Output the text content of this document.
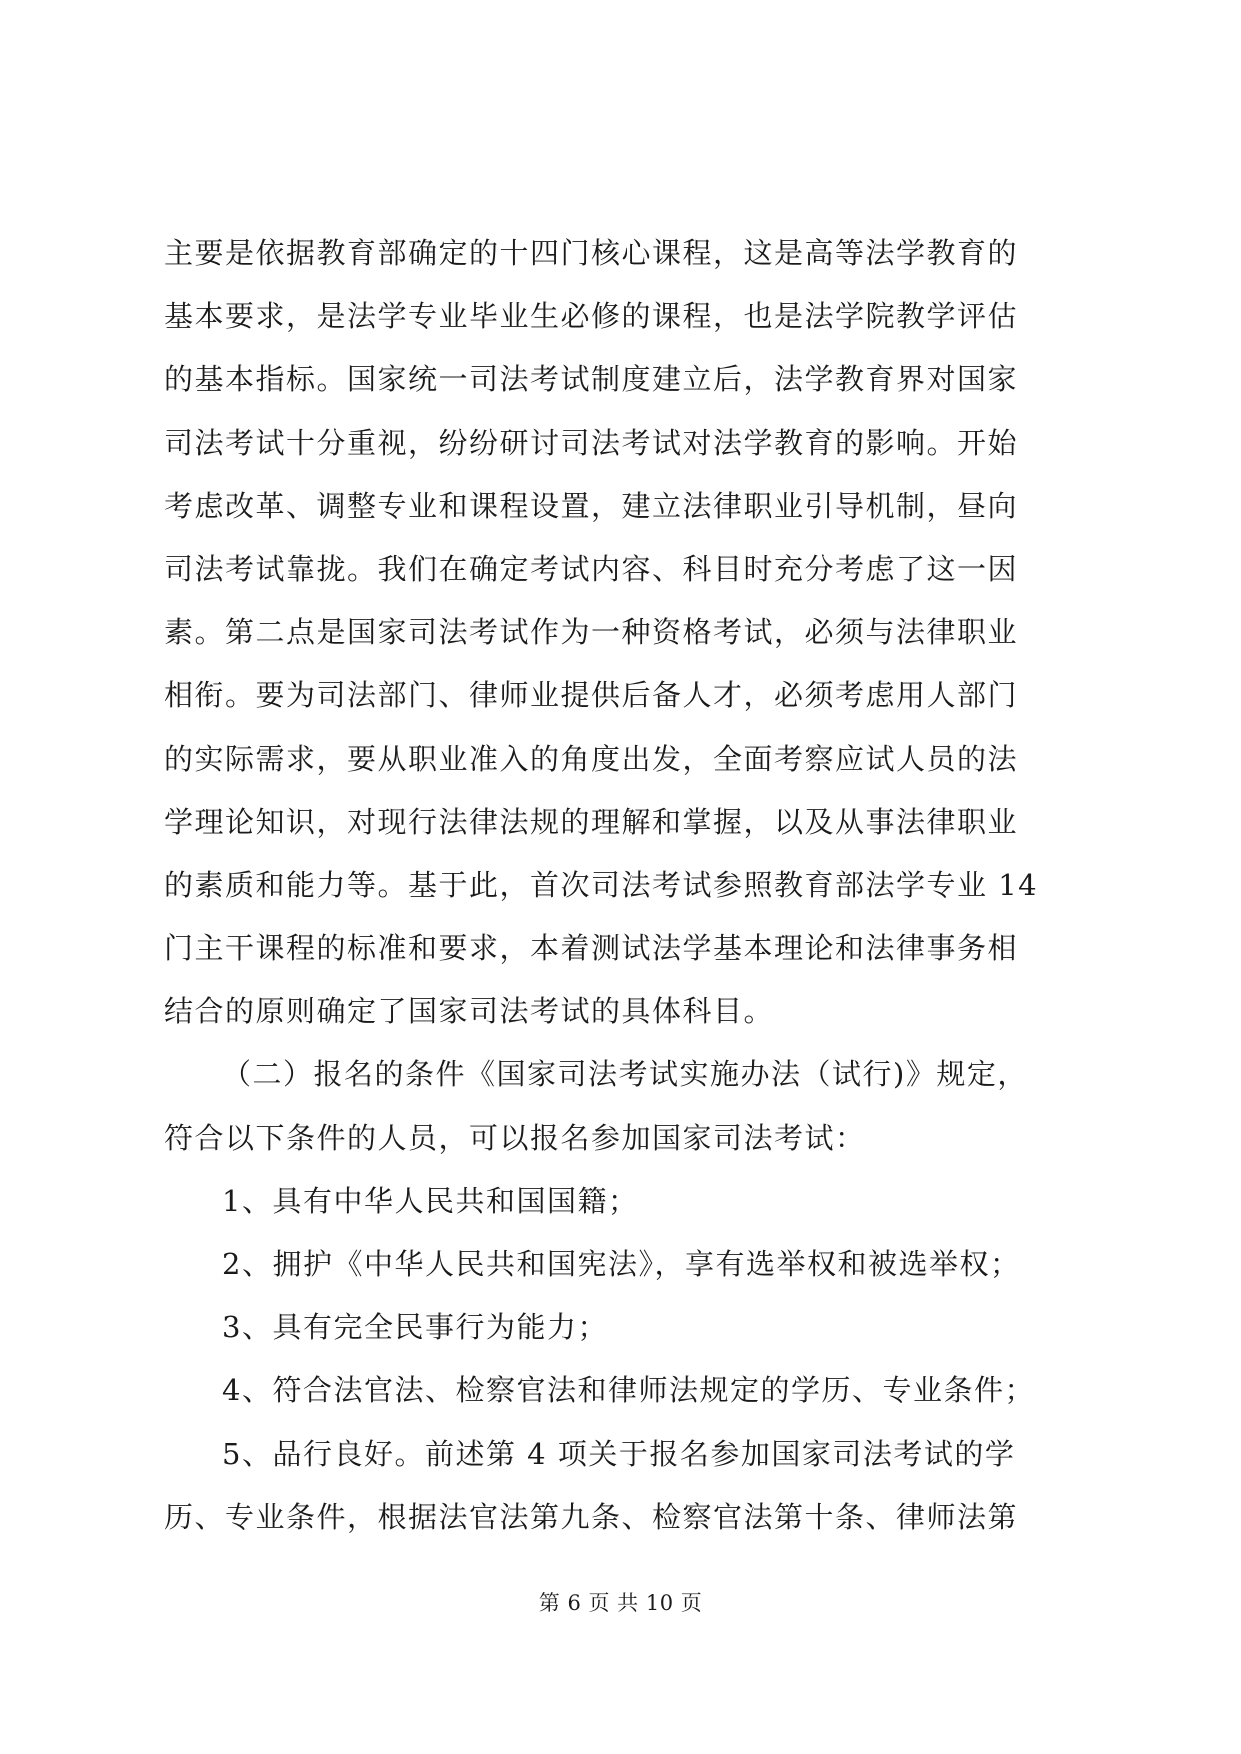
主要是依据教育部确定的十四门核心课程，这是高等法学教育的
基本要求，是法学专业毕业生必修的课程，也是法学院教学评估
的基本指标。国家统一司法考试制度建立后，法学教育界对国家
司法考试十分重视，纷纷研讨司法考试对法学教育的影响。开始
考虑改革、调整专业和课程设置，建立法律职业引导机制，昼向
司法考试靠拢。我们在确定考试内容、科目时充分考虑了这一因
素。第二点是国家司法考试作为一种资格考试，必须与法律职业
相衔。要为司法部门、律师业提供后备人才，必须考虑用人部门
的实际需求，要从职业准入的角度出发，全面考察应试人员的法
学理论知识，对现行法律法规的理解和掌握，以及从事法律职业
的素质和能力等。基于此，首次司法考试参照教育部法学专业 14
门主干课程的标准和要求，本着测试法学基本理论和法律事务相
结合的原则确定了国家司法考试的具体科目。
（二）报名的条件《国家司法考试实施办法（试行)》规定，
符合以下条件的人员，可以报名参加国家司法考试：
1、具有中华人民共和国国籍；
2、拥护《中华人民共和国宪法》，享有选举权和被选举权；
3、具有完全民事行为能力；
4、符合法官法、检察官法和律师法规定的学历、专业条件；
5、品行良好。前述第 4 项关于报名参加国家司法考试的学
历、专业条件，根据法官法第九条、检察官法第十条、律师法第
第 6 页 共 10 页
